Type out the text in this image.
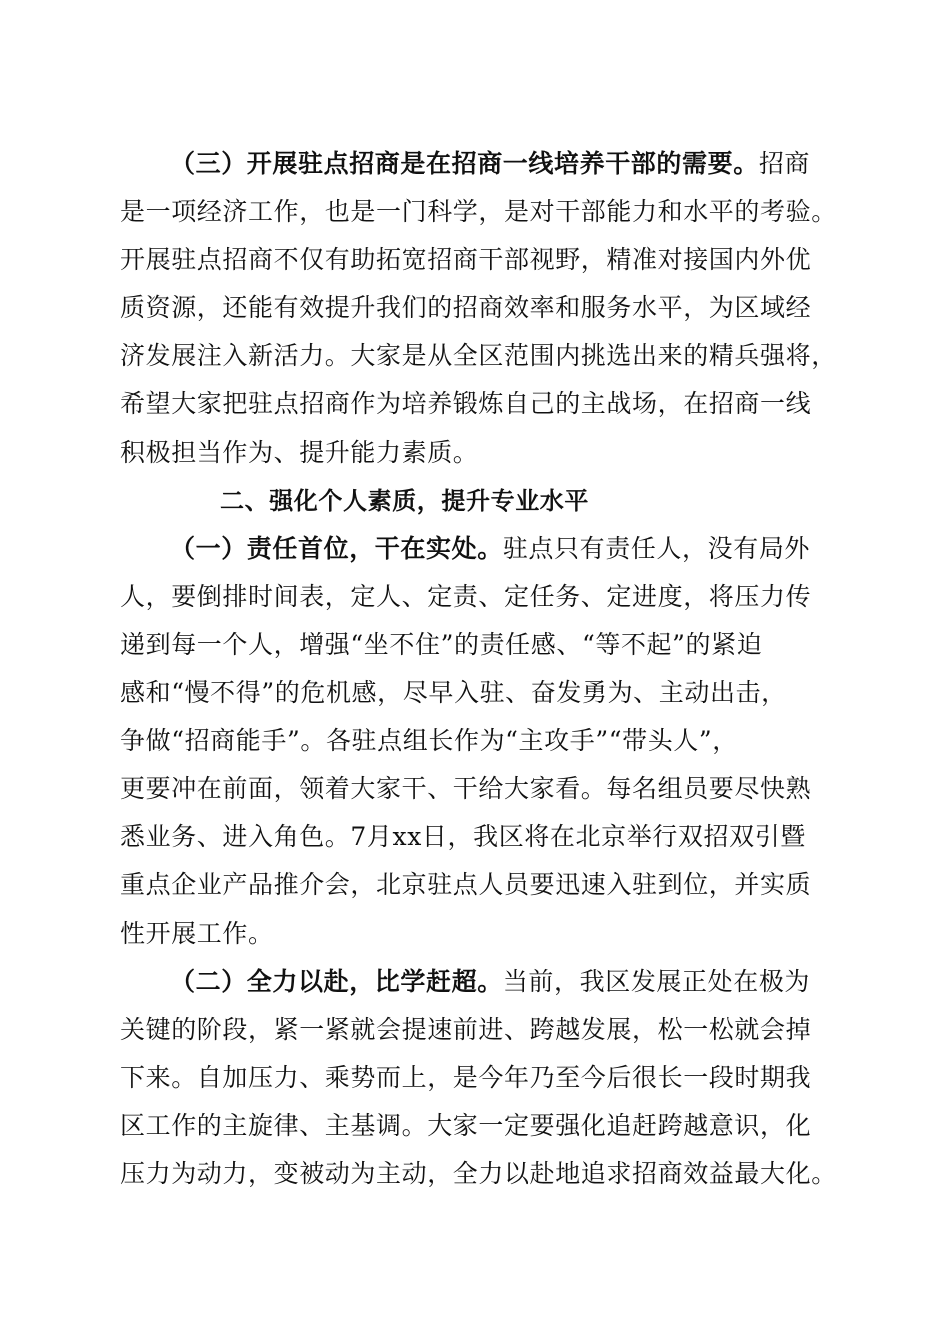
（三）开展驻点招商是在招商一线培养干部的需要。招商
是一项经济工作，也是一门科学，是对干部能力和水平的考验。
开展驻点招商不仅有助拓宽招商干部视野，精准对接国内外优
质资源，还能有效提升我们的招商效率和服务水平，为区域经
济发展注入新活力。大家是从全区范围内挑选出来的精兵强将，
希望大家把驻点招商作为培养锻炼自己的主战场，在招商一线
积极担当作为、提升能力素质。
二、强化个人素质，提升专业水平
（一）责任首位，干在实处。驻点只有责任人，没有局外
人，要倒排时间表，定人、定责、定任务、定进度，将压力传
递到每一个人，增强“坐不住”的责任感、“等不起”的紧迫
感和“慢不得”的危机感，尽早入驻、奋发勇为、主动出击，
争做“招商能手”。各驻点组长作为“主攻手”“带头人”，
更要冲在前面，领着大家干、干给大家看。每名组员要尽快熟
悉业务、进入角色。7月xx日，我区将在北京举行双招双引暨
重点企业产品推介会，北京驻点人员要迅速入驻到位，并实质
性开展工作。
（二）全力以赴，比学赶超。当前，我区发展正处在极为
关键的阶段，紧一紧就会提速前进、跨越发展，松一松就会掉
下来。自加压力、乘势而上，是今年乃至今后很长一段时期我
区工作的主旋律、主基调。大家一定要强化追赶跨越意识，化
压力为动力，变被动为主动，全力以赴地追求招商效益最大化。
